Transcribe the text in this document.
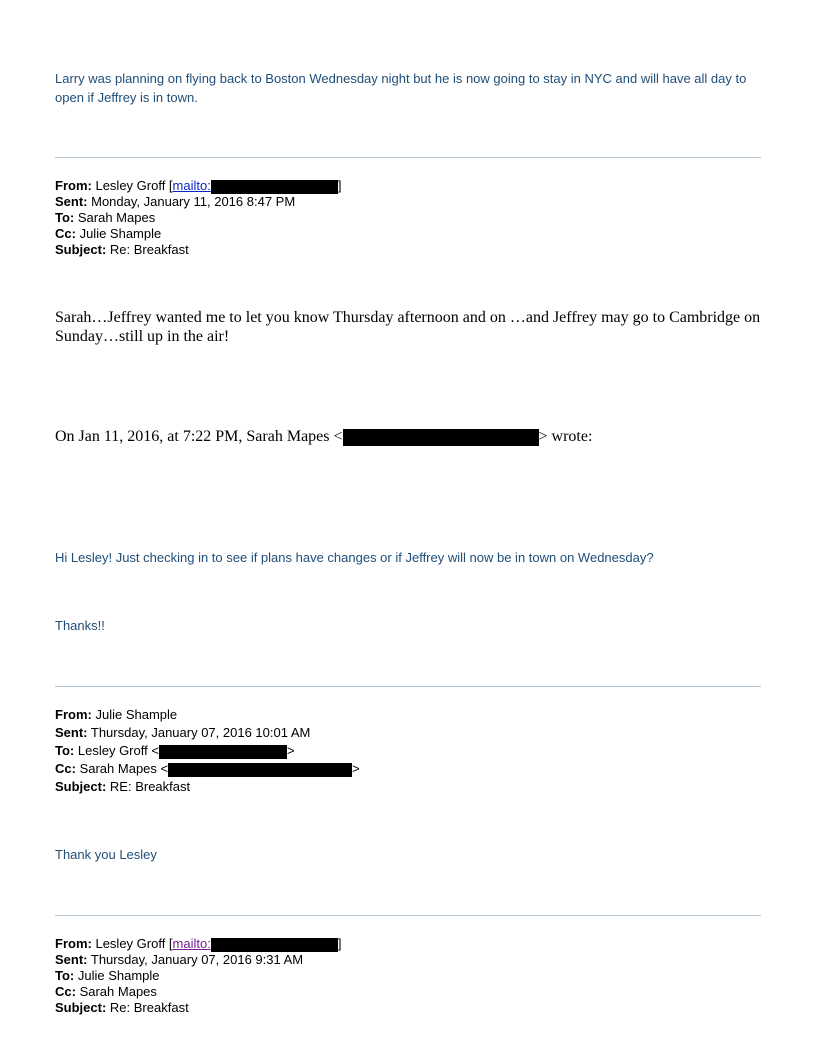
Larry was planning on flying back to Boston Wednesday night but he is now going to stay in NYC and will have all day to open if Jeffrey is in town.
From: Lesley Groff [mailto:	]
Sent: Monday, January 11, 2016 8:47 PM
To: Sarah Mapes
Cc: Julie Shample
Subject: Re: Breakfast
Sarah…Jeffrey wanted me to let you know Thursday afternoon and on …and Jeffrey may go to Cambridge on Sunday…still up in the air!
On Jan 11, 2016, at 7:22 PM, Sarah Mapes <	> wrote:
Hi Lesley! Just checking in to see if plans have changes or if Jeffrey will now be in town on Wednesday?
Thanks!!
From: Julie Shample
Sent: Thursday, January 07, 2016 10:01 AM
To: Lesley Groff <	>
Cc: Sarah Mapes <	>
Subject: RE: Breakfast
Thank you Lesley
From: Lesley Groff [mailto:	]
Sent: Thursday, January 07, 2016 9:31 AM
To: Julie Shample
Cc: Sarah Mapes
Subject: Re: Breakfast
